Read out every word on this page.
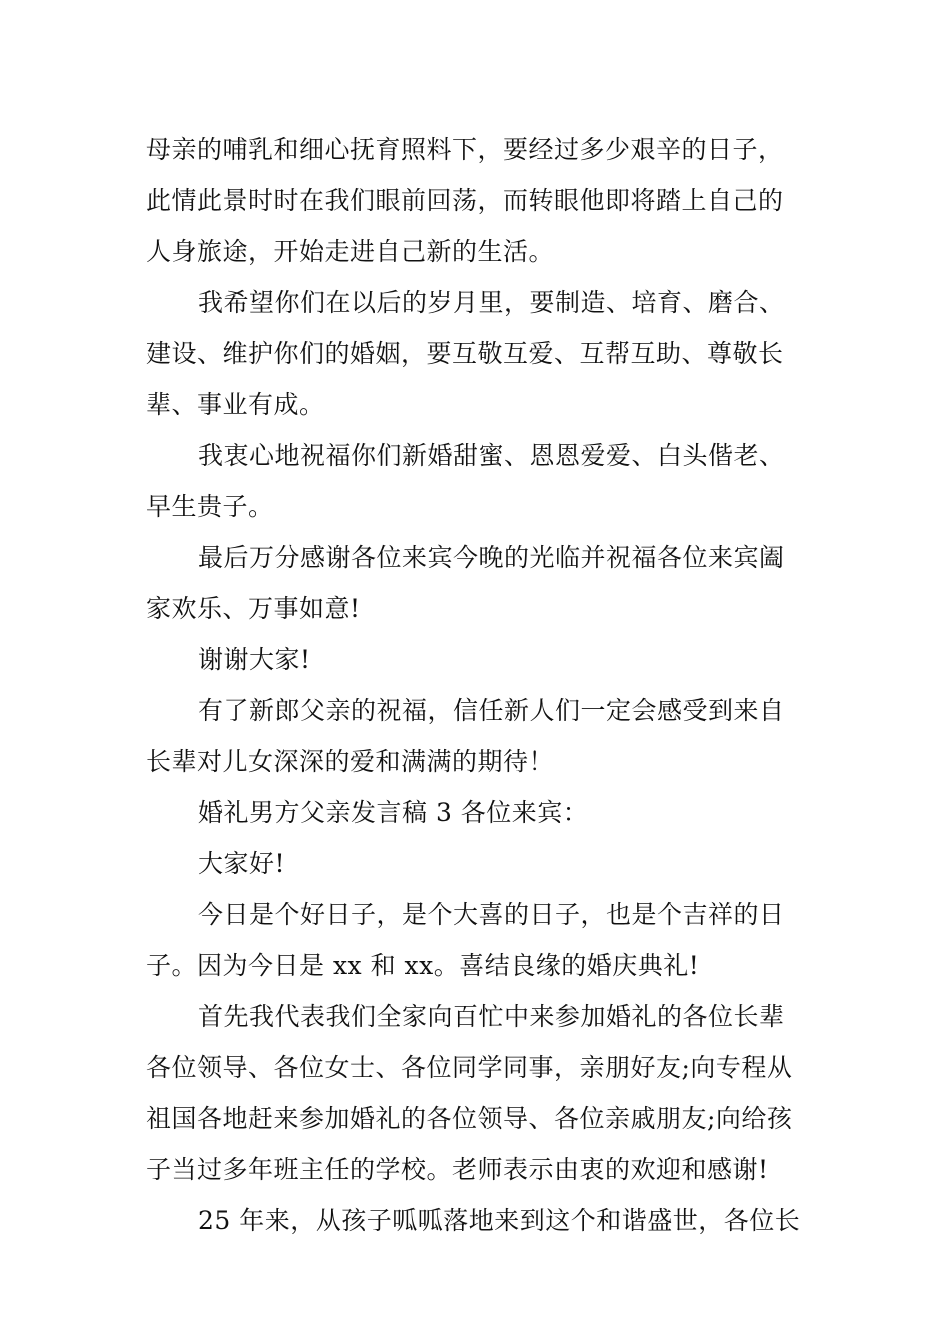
母亲的哺乳和细心抚育照料下，要经过多少艰辛的日子，
此情此景时时在我们眼前回荡，而转眼他即将踏上自己的
人身旅途，开始走进自己新的生活。
我希望你们在以后的岁月里，要制造、培育、磨合、
建设、维护你们的婚姻，要互敬互爱、互帮互助、尊敬长
辈、事业有成。
我衷心地祝福你们新婚甜蜜、恩恩爱爱、白头偕老、
早生贵子。
最后万分感谢各位来宾今晚的光临并祝福各位来宾阖
家欢乐、万事如意!
谢谢大家!
有了新郎父亲的祝福，信任新人们一定会感受到来自
长辈对儿女深深的爱和满满的期待！
婚礼男方父亲发言稿 3 各位来宾：
大家好!
今日是个好日子，是个大喜的日子，也是个吉祥的日
子。因为今日是 xx 和 xx。喜结良缘的婚庆典礼!
首先我代表我们全家向百忙中来参加婚礼的各位长辈
各位领导、各位女士、各位同学同事，亲朋好友;向专程从
祖国各地赶来参加婚礼的各位领导、各位亲戚朋友;向给孩
子当过多年班主任的学校。老师表示由衷的欢迎和感谢!
25 年来，从孩子呱呱落地来到这个和谐盛世，各位长
